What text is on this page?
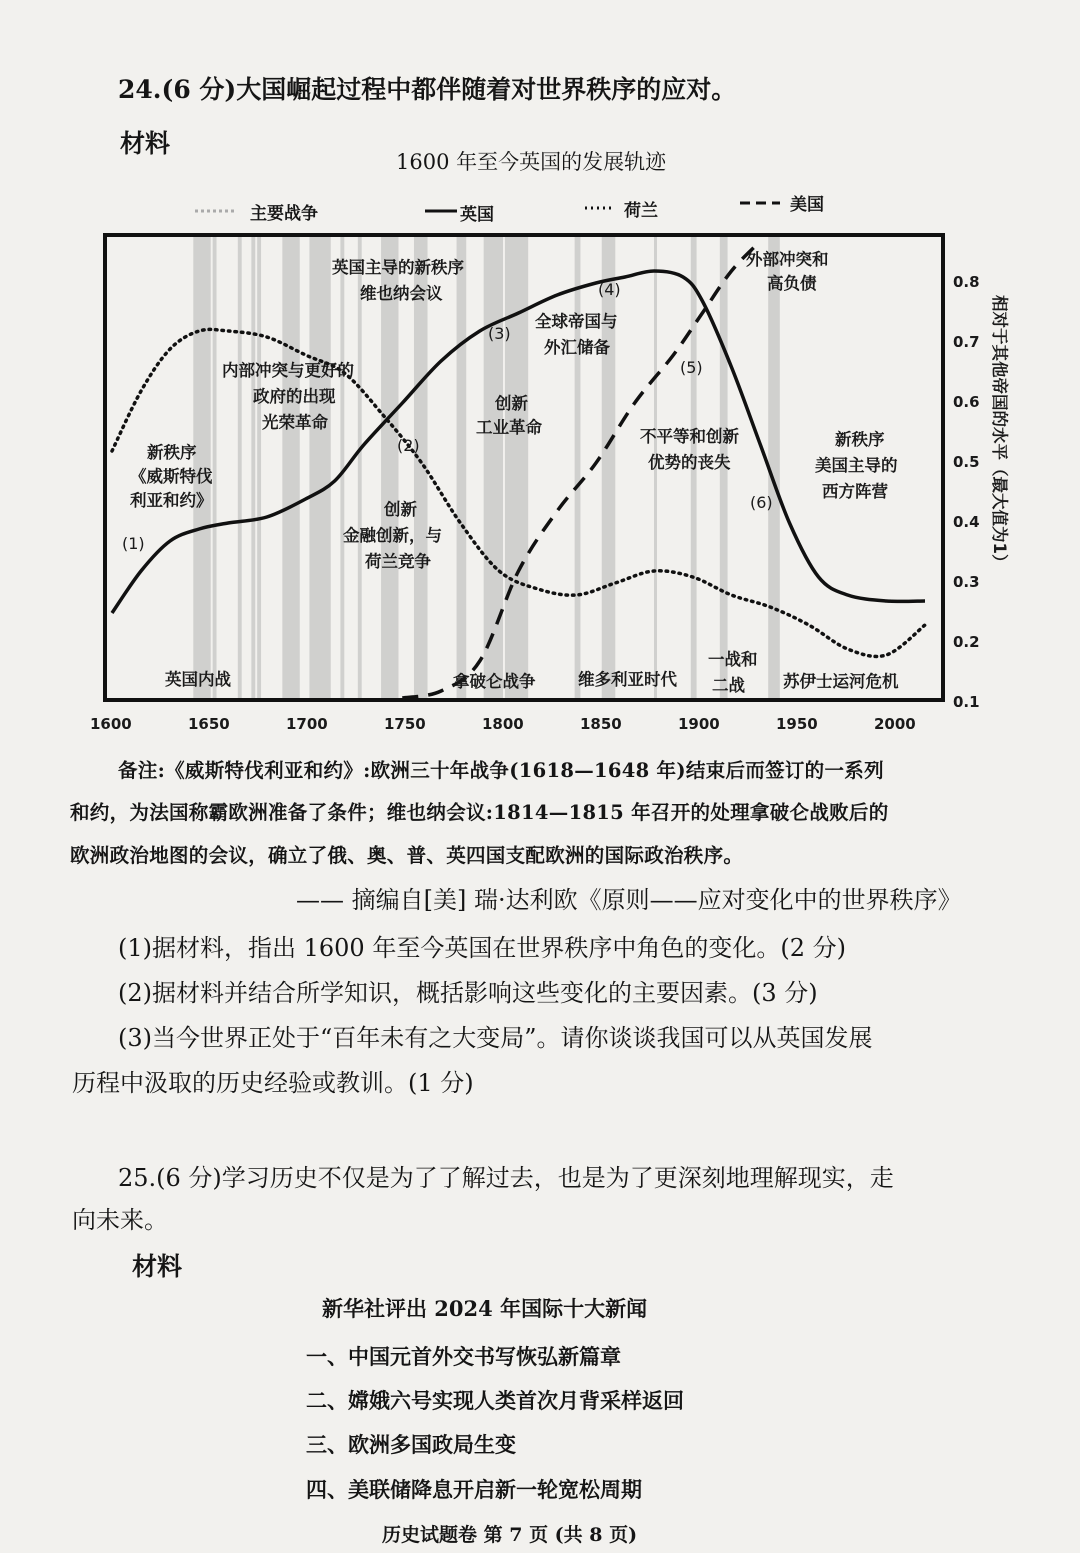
24.(6 分)大国崛起过程中都伴随着对世界秩序的应对。
材料
1600 年至今英国的发展轨迹
主要战争	英国	荷兰	美国
新秩序《威斯特伐利亚和约》
内部冲突与更好的政府的出现光荣革命
英国主导的新秩序维也纳会议
全球帝国与外汇储备
创新工业革命
创新金融创新，与荷兰竞争
外部冲突和高负债
不平等和创新优势的丧失
新秩序美国主导的西方阵营
英国内战	拿破仑战争	维多利亚时代
一战和二战	苏伊士运河危机
(1)
(2)
(3)
(4)
(5)
(6)
1600	1650	1700	1750	1800	1850	1900	1950	2000
0.8
0.7
0.6
0.5
0.4
0.3
0.2
0.1
相对于其他帝国的水平（最大值为1）
备注:《威斯特伐利亚和约》:欧洲三十年战争(1618—1648 年)结束后而签订的一系列
和约，为法国称霸欧洲准备了条件；维也纳会议:1814—1815 年召开的处理拿破仑战败后的
欧洲政治地图的会议，确立了俄、奥、普、英四国支配欧洲的国际政治秩序。
—— 摘编自[美] 瑞·达利欧《原则——应对变化中的世界秩序》
(1)据材料，指出 1600 年至今英国在世界秩序中角色的变化。(2 分)
(2)据材料并结合所学知识，概括影响这些变化的主要因素。(3 分)
(3)当今世界正处于“百年未有之大变局”。请你谈谈我国可以从英国发展
历程中汲取的历史经验或教训。(1 分)
25.(6 分)学习历史不仅是为了了解过去，也是为了更深刻地理解现实，走
向未来。
材料
新华社评出 2024 年国际十大新闻
一、中国元首外交书写恢弘新篇章
二、嫦娥六号实现人类首次月背采样返回
三、欧洲多国政局生变
四、美联储降息开启新一轮宽松周期
历史试题卷 第 7 页 (共 8 页)
